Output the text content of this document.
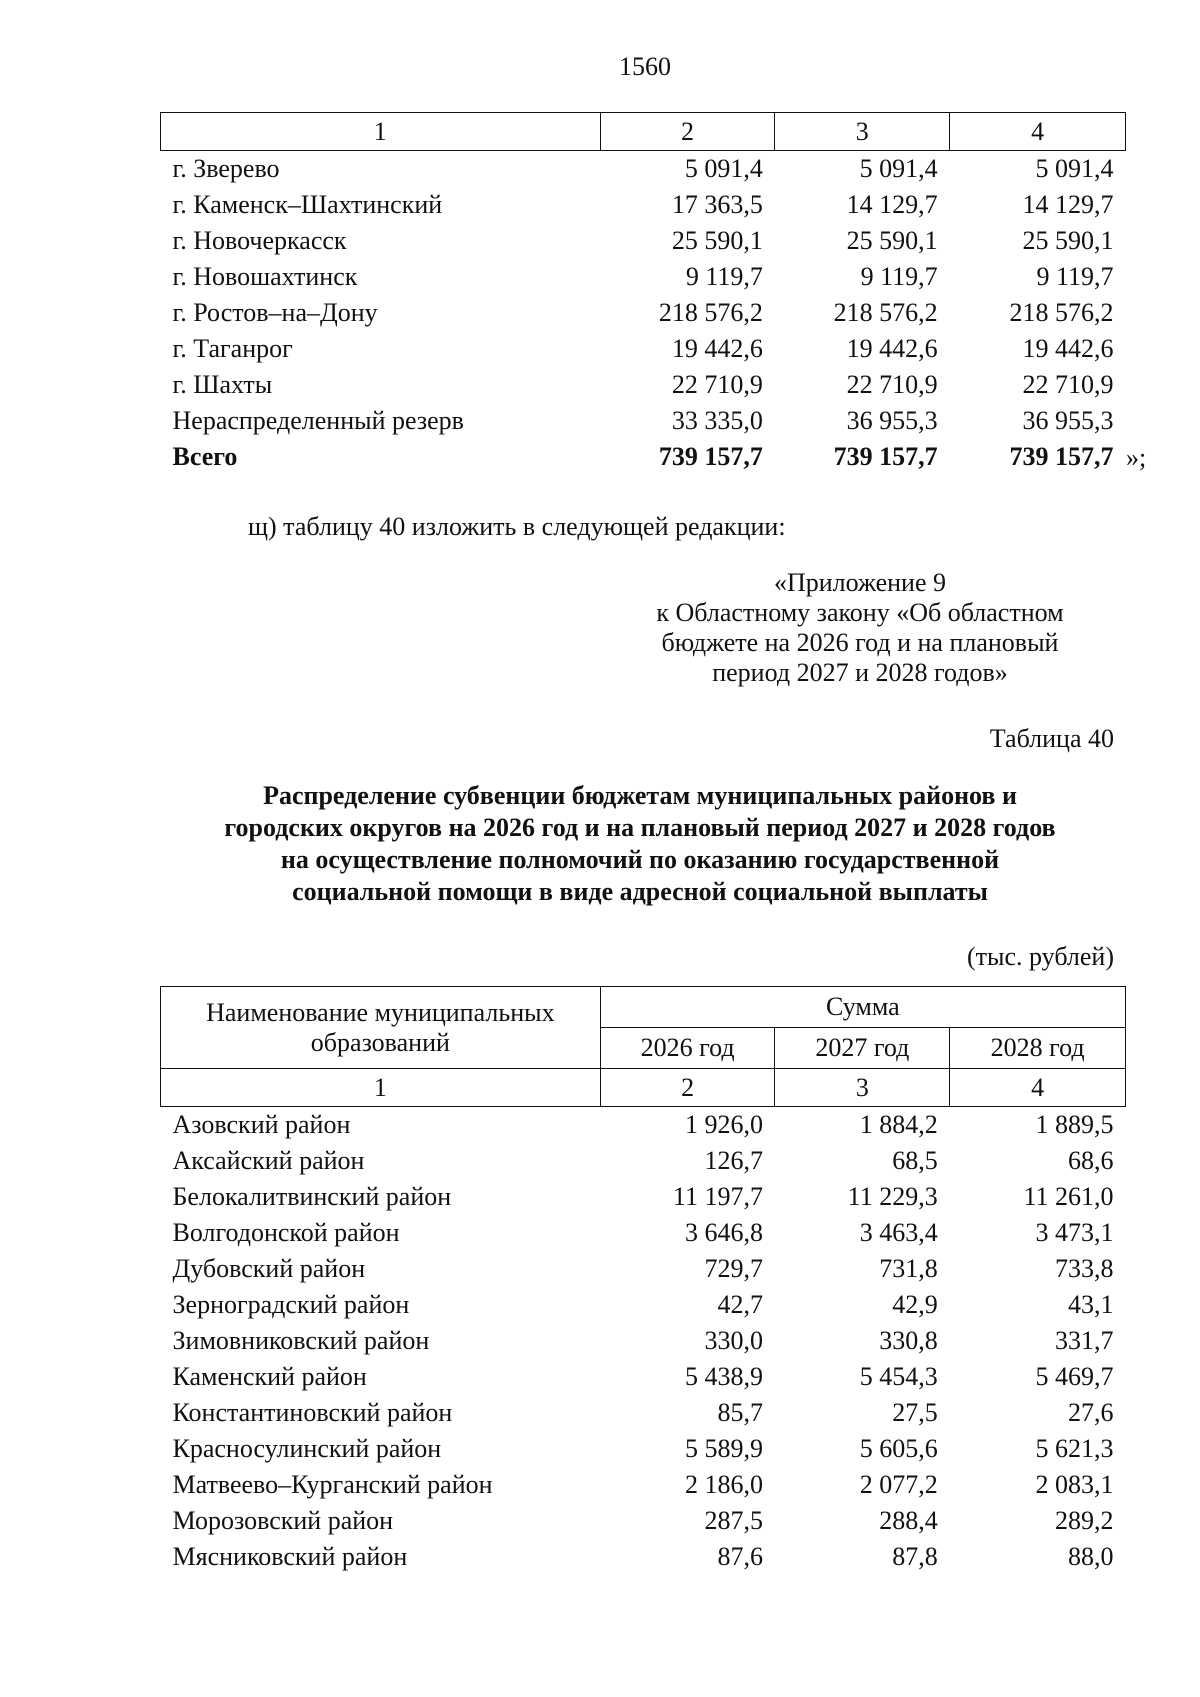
1560
1	2	3	4
г. Зверево	5 091,4	5 091,4	5 091,4
г. Каменск–Шахтинский	17 363,5	14 129,7	14 129,7
г. Новочеркасск	25 590,1	25 590,1	25 590,1
г. Новошахтинск	9 119,7	9 119,7	9 119,7
г. Ростов–на–Дону	218 576,2	218 576,2	218 576,2
г. Таганрог	19 442,6	19 442,6	19 442,6
г. Шахты	22 710,9	22 710,9	22 710,9
Нераспределенный резерв	33 335,0	36 955,3	36 955,3
Всего	739 157,7	739 157,7	739 157,7 »;
щ) таблицу 40 изложить в следующей редакции:
«Приложение 9
к Областному закону «Об областном
бюджете на 2026 год и на плановый
период 2027 и 2028 годов»
Таблица 40
Распределение субвенции бюджетам муниципальных районов и
городских округов на 2026 год и на плановый период 2027 и 2028 годов
на осуществление полномочий по оказанию государственной
социальной помощи в виде адресной социальной выплаты
(тыс. рублей)
Наименование муниципальных
образований	Сумма		
	2026 год	2027 год	2028 год
1	2	3	4
Азовский район	1 926,0	1 884,2	1 889,5
Аксайский район	126,7	68,5	68,6
Белокалитвинский район	11 197,7	11 229,3	11 261,0
Волгодонской район	3 646,8	3 463,4	3 473,1
Дубовский район	729,7	731,8	733,8
Зерноградский район	42,7	42,9	43,1
Зимовниковский район	330,0	330,8	331,7
Каменский район	5 438,9	5 454,3	5 469,7
Константиновский район	85,7	27,5	27,6
Красносулинский район	5 589,9	5 605,6	5 621,3
Матвеево–Курганский район	2 186,0	2 077,2	2 083,1
Морозовский район	287,5	288,4	289,2
Мясниковский район	87,6	87,8	88,0
